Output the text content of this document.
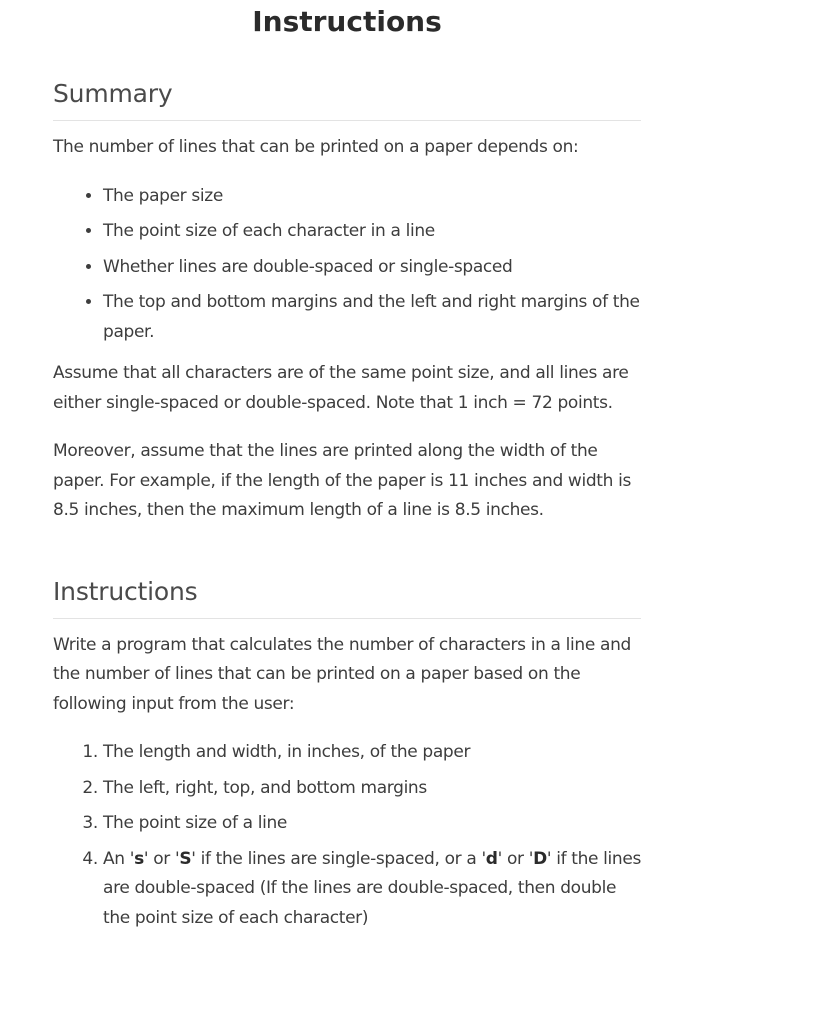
Instructions
Summary

The number of lines that can be printed on a paper depends on:

• The paper size
• The point size of each character in a line
• Whether lines are double-spaced or single-spaced
• The top and bottom margins and the left and right margins of the paper.

Assume that all characters are of the same point size, and all lines are either single-spaced or double-spaced. Note that 1 inch = 72 points.

Moreover, assume that the lines are printed along the width of the paper. For example, if the length of the paper is 11 inches and width is 8.5 inches, then the maximum length of a line is 8.5 inches.

Instructions

Write a program that calculates the number of characters in a line and the number of lines that can be printed on a paper based on the following input from the user:

1. The length and width, in inches, of the paper
2. The left, right, top, and bottom margins
3. The point size of a line
4. An 's' or 'S' if the lines are single-spaced, or a 'd' or 'D' if the lines are double-spaced (If the lines are double-spaced, then double the point size of each character)
